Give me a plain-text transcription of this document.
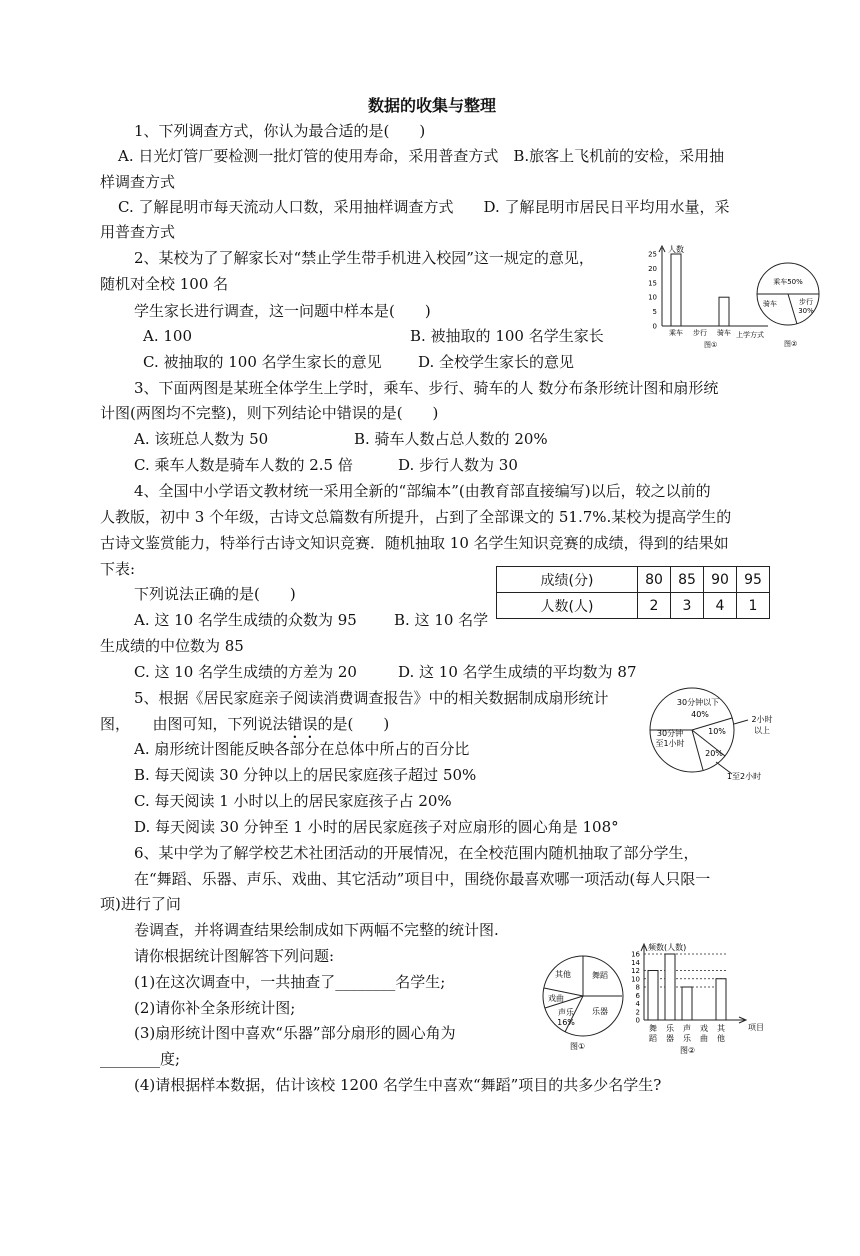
数据的收集与整理
1、下列调查方式，你认为最合适的是(　　)
A. 日光灯管厂要检测一批灯管的使用寿命，采用普查方式　B.旅客上飞机前的安检，采用抽
样调查方式
C. 了解昆明市每天流动人口数，采用抽样调查方式　　D. 了解昆明市居民日平均用水量，采
用普查方式
2、某校为了了解家长对“禁止学生带手机进入校园”这一规定的意见，
随机对全校 100 名
学生家长进行调查，这一问题中样本是(　　)
A. 100	B. 被抽取的 100 名学生家长
C. 被抽取的 100 名学生家长的意见 D. 全校学生家长的意见
人数
25
20
15
10
5
0
乘车 步行 骑车 上学方式
图①
乘车50%
骑车	步行
30%
图②
3、下面两图是某班全体学生上学时，乘车、步行、骑车的人 数分布条形统计图和扇形统
计图(两图均不完整)，则下列结论中错误的是(　　)
A. 该班总人数为 50	B. 骑车人数占总人数的 20%
C. 乘车人数是骑车人数的 2.5 倍	D. 步行人数为 30
4、全国中小学语文教材统一采用全新的“部编本”(由教育部直接编写)以后，较之以前的
人教版，初中 3 个年级，古诗文总篇数有所提升，占到了全部课文的 51.7%.某校为提高学生的
古诗文鉴赏能力，特举行古诗文知识竞赛．随机抽取 10 名学生知识竞赛的成绩，得到的结果如
下表:
成绩(分)	80	85	90	95
人数(人)	2	3	4	1
下列说法正确的是(　　)
A. 这 10 名学生成绩的众数为 95 B. 这 10 名学
生成绩的中位数为 85
C. 这 10 名学生成绩的方差为 20	D. 这 10 名学生成绩的平均数为 87
30分钟以下
40%
30分钟
至1小时
10%
20%
2小时
以上
1至2小时
5、根据《居民家庭亲子阅读消费调查报告》中的相关数据制成扇形统计
图，　　由图可知，下列说法错误的是(　　)
A. 扇形统计图能反映各部分在总体中所占的百分比
B. 每天阅读 30 分钟以上的居民家庭孩子超过 50%
C. 每天阅读 1 小时以上的居民家庭孩子占 20%
D. 每天阅读 30 分钟至 1 小时的居民家庭孩子对应扇形的圆心角是 108°
6、某中学为了解学校艺术社团活动的开展情况，在全校范围内随机抽取了部分学生，
在“舞蹈、乐器、声乐、戏曲、其它活动”项目中，围绕你最喜欢哪一项活动(每人只限一
项)进行了问
卷调查，并将调查结果绘制成如下两幅不完整的统计图.
请你根据统计图解答下列问题:
(1)在这次调查中，一共抽查了________名学生;
(2)请你补全条形统计图;
(3)扇形统计图中喜欢“乐器”部分扇形的圆心角为
________度;
(4)请根据样本数据，估计该校 1200 名学生中喜欢“舞蹈”项目的共多少名学生?
其他	舞蹈
戏曲
乐器
声乐
16%
图①
频数(人数)
16
14
12
10
8
6
4
2
0
舞
蹈
乐
器
声
乐
戏
曲
其
他
项目
图②
